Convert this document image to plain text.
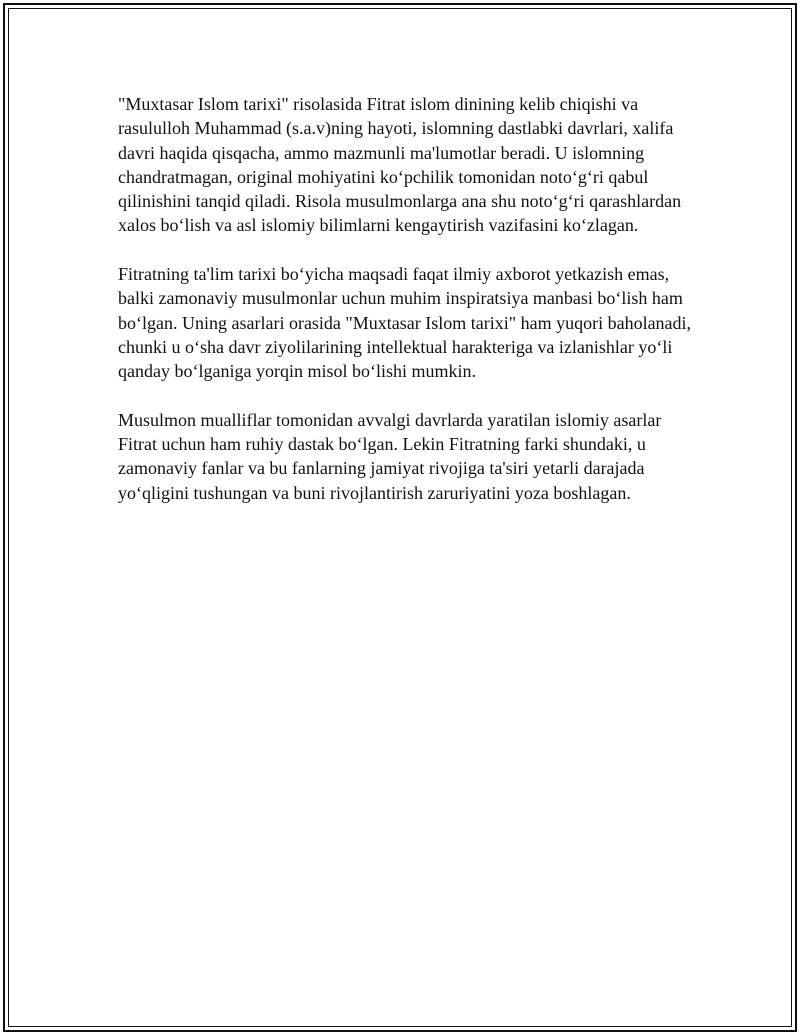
"Muxtasar Islom tarixi" risolasida Fitrat islom dinining kelib chiqishi va rasululloh Muhammad (s.a.v)ning hayoti, islomning dastlabki davrlari, xalifa davri haqida qisqacha, ammo mazmunli ma'lumotlar beradi. U islomning chandratmagan, original mohiyatini ko‘pchilik tomonidan noto‘g‘ri qabul qilinishini tanqid qiladi. Risola musulmonlarga ana shu noto‘g‘ri qarashlardan xalos bo‘lish va asl islomiy bilimlarni kengaytirish vazifasini ko‘zlagan.

Fitratning ta'lim tarixi bo‘yicha maqsadi faqat ilmiy axborot yetkazish emas, balki zamonaviy musulmonlar uchun muhim inspiratsiya manbasi bo‘lish ham bo‘lgan. Uning asarlari orasida "Muxtasar Islom tarixi" ham yuqori baholanadi, chunki u o‘sha davr ziyolilarining intellektual harakteriga va izlanishlar yo‘li qanday bo‘lganiga yorqin misol bo‘lishi mumkin.

Musulmon mualliflar tomonidan avvalgi davrlarda yaratilan islomiy asarlar Fitrat uchun ham ruhiy dastak bo‘lgan. Lekin Fitratning farki shundaki, u zamonaviy fanlar va bu fanlarning jamiyat rivojiga ta'siri yetarli darajada yo‘qligini tushungan va buni rivojlantirish zaruriyatini yoza boshlagan.
